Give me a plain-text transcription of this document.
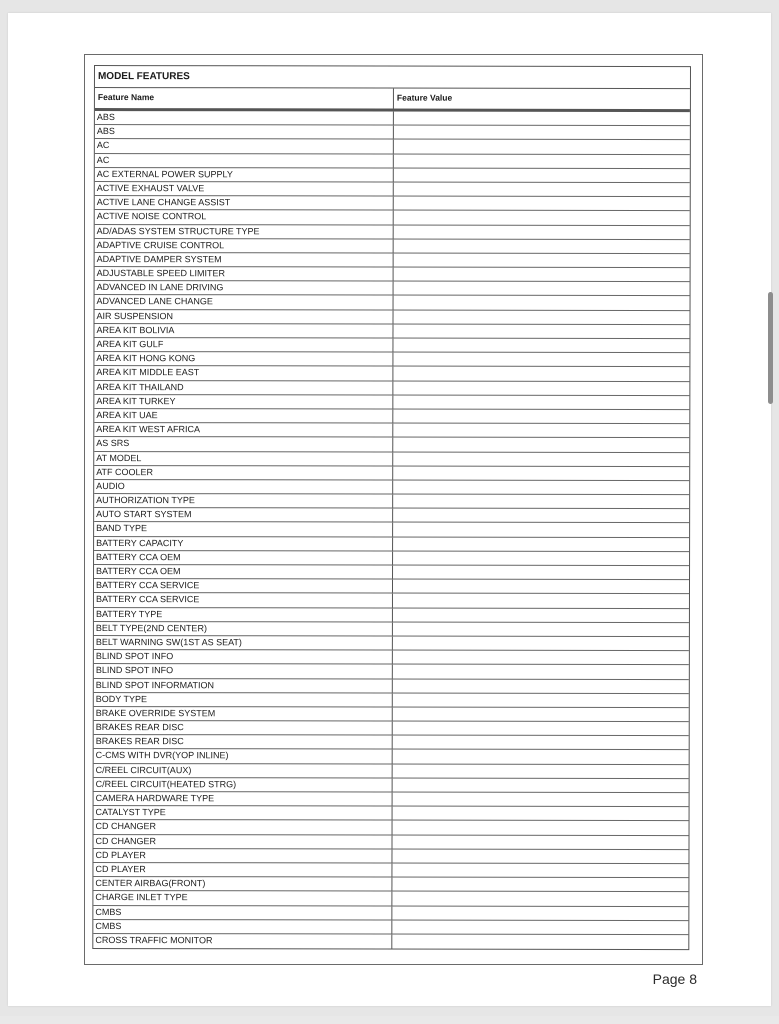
MODEL FEATURES
Feature Name	Feature Value
ABS
ABS
AC
AC
AC EXTERNAL POWER SUPPLY
ACTIVE EXHAUST VALVE
ACTIVE LANE CHANGE ASSIST
ACTIVE NOISE CONTROL
AD/ADAS SYSTEM STRUCTURE TYPE
ADAPTIVE CRUISE CONTROL
ADAPTIVE DAMPER SYSTEM
ADJUSTABLE SPEED LIMITER
ADVANCED IN LANE DRIVING
ADVANCED LANE CHANGE
AIR SUSPENSION
AREA KIT BOLIVIA
AREA KIT GULF
AREA KIT HONG KONG
AREA KIT MIDDLE EAST
AREA KIT THAILAND
AREA KIT TURKEY
AREA KIT UAE
AREA KIT WEST AFRICA
AS SRS
AT MODEL
ATF COOLER
AUDIO
AUTHORIZATION TYPE
AUTO START SYSTEM
BAND TYPE
BATTERY CAPACITY
BATTERY CCA OEM
BATTERY CCA OEM
BATTERY CCA SERVICE
BATTERY CCA SERVICE
BATTERY TYPE
BELT TYPE(2ND CENTER)
BELT WARNING SW(1ST AS SEAT)
BLIND SPOT INFO
BLIND SPOT INFO
BLIND SPOT INFORMATION
BODY TYPE
BRAKE OVERRIDE SYSTEM
BRAKES REAR DISC
BRAKES REAR DISC
C-CMS WITH DVR(YOP INLINE)
C/REEL CIRCUIT(AUX)
C/REEL CIRCUIT(HEATED STRG)
CAMERA HARDWARE TYPE
CATALYST TYPE
CD CHANGER
CD CHANGER
CD PLAYER
CD PLAYER
CENTER AIRBAG(FRONT)
CHARGE INLET TYPE
CMBS
CMBS
CROSS TRAFFIC MONITOR
Page 8
